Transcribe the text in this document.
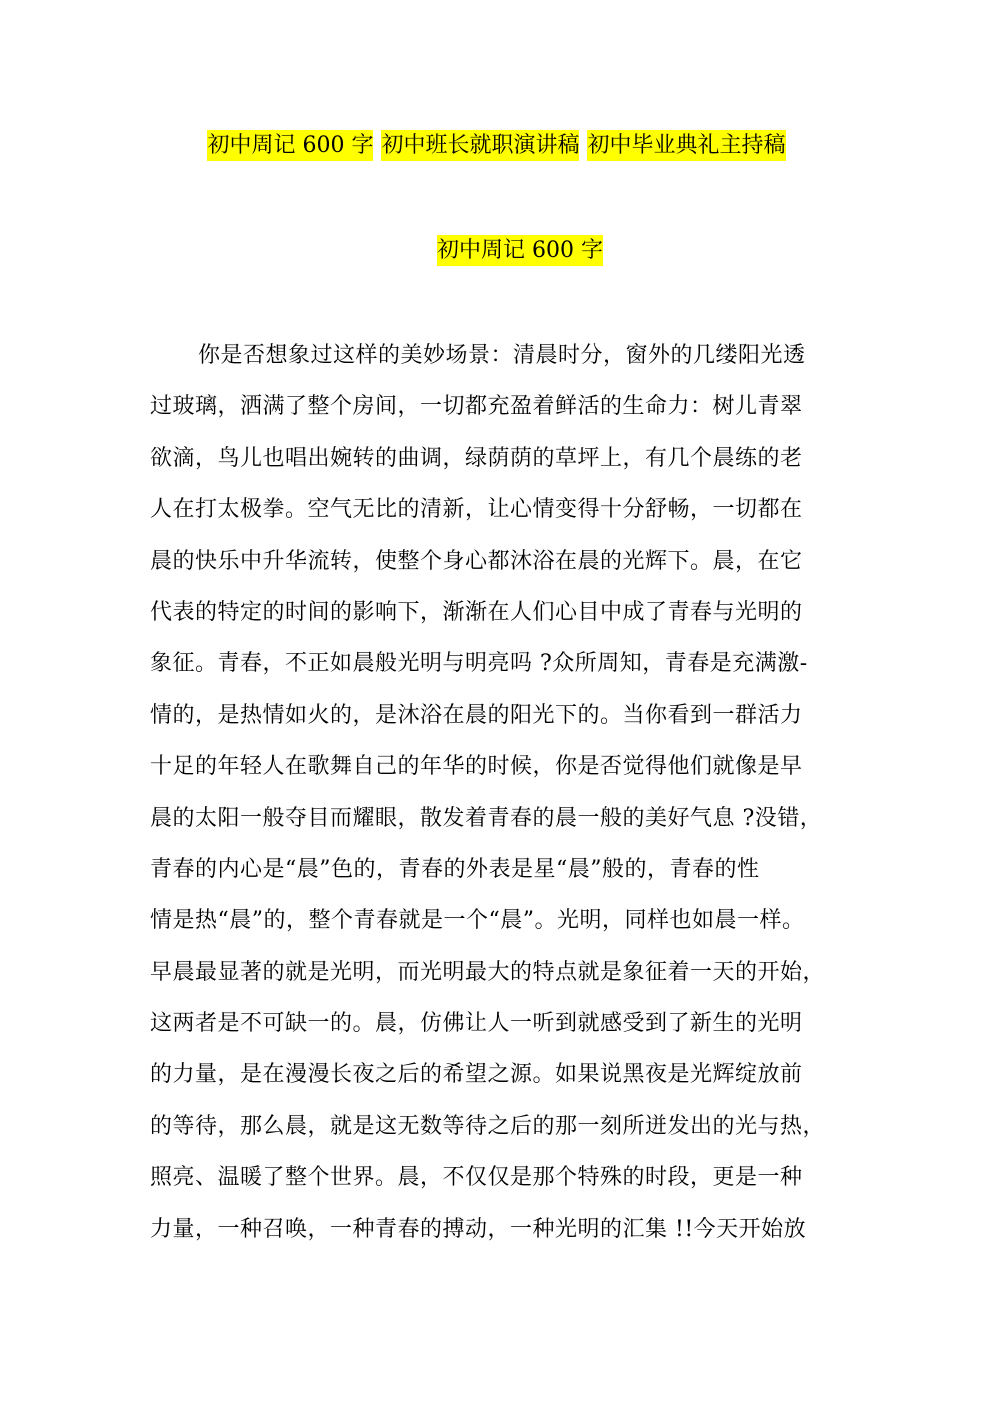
初中周记 600 字 初中班长就职演讲稿 初中毕业典礼主持稿
初中周记 600 字
你是否想象过这样的美妙场景：清晨时分，窗外的几缕阳光透
过玻璃，洒满了整个房间，一切都充盈着鲜活的生命力：树儿青翠
欲滴，鸟儿也唱出婉转的曲调，绿荫荫的草坪上，有几个晨练的老
人在打太极拳。空气无比的清新，让心情变得十分舒畅，一切都在
晨的快乐中升华流转，使整个身心都沐浴在晨的光辉下。晨，在它
代表的特定的时间的影响下，渐渐在人们心目中成了青春与光明的
象征。青春，不正如晨般光明与明亮吗 ?众所周知，青春是充满激-
情的，是热情如火的，是沐浴在晨的阳光下的。当你看到一群活力
十足的年轻人在歌舞自己的年华的时候，你是否觉得他们就像是早
晨的太阳一般夺目而耀眼，散发着青春的晨一般的美好气息 ?没错，
青春的内心是“晨”色的，青春的外表是星“晨”般的，青春的性
情是热“晨”的，整个青春就是一个“晨”。光明，同样也如晨一样。
早晨最显著的就是光明，而光明最大的特点就是象征着一天的开始，
这两者是不可缺一的。晨，仿佛让人一听到就感受到了新生的光明
的力量，是在漫漫长夜之后的希望之源。如果说黑夜是光辉绽放前
的等待，那么晨，就是这无数等待之后的那一刻所迸发出的光与热，
照亮、温暖了整个世界。晨，不仅仅是那个特殊的时段，更是一种
力量，一种召唤，一种青春的搏动，一种光明的汇集 !!今天开始放
